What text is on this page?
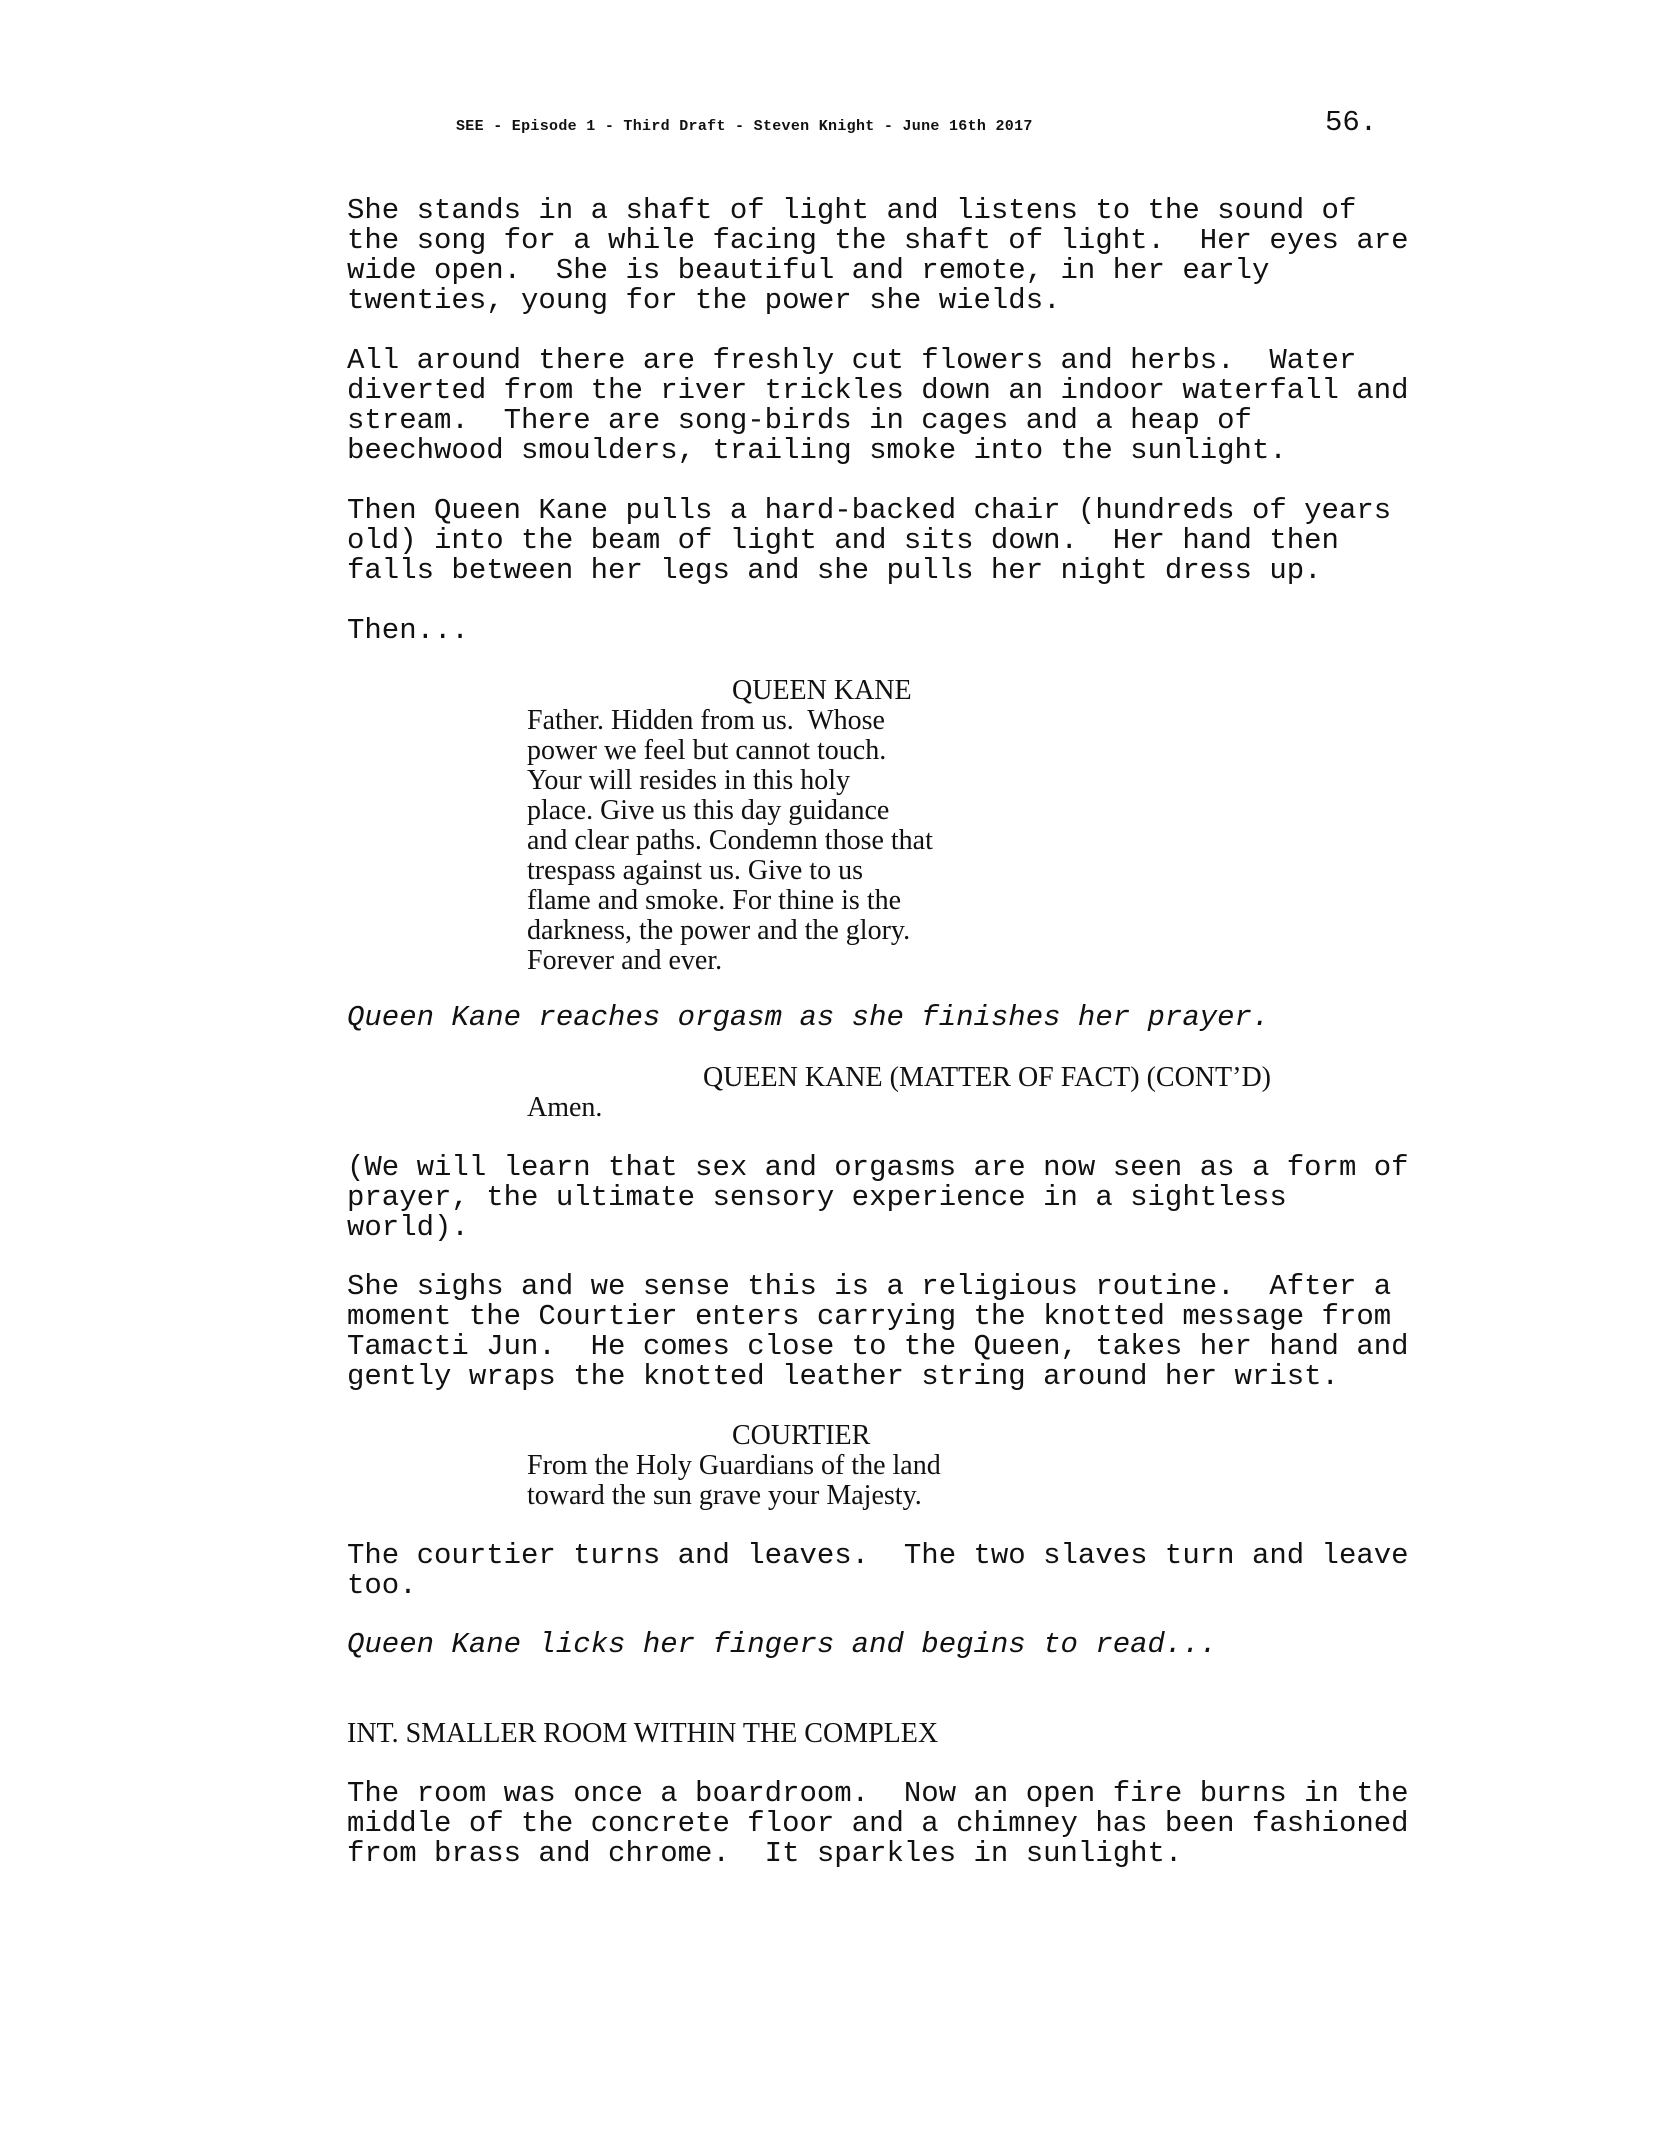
SEE - Episode 1 - Third Draft - Steven Knight - June 16th 2017	56.

She stands in a shaft of light and listens to the sound of
the song for a while facing the shaft of light.  Her eyes are
wide open.  She is beautiful and remote, in her early
twenties, young for the power she wields.

All around there are freshly cut flowers and herbs.  Water
diverted from the river trickles down an indoor waterfall and
stream.  There are song-birds in cages and a heap of
beechwood smoulders, trailing smoke into the sunlight.

Then Queen Kane pulls a hard-backed chair (hundreds of years
old) into the beam of light and sits down.  Her hand then
falls between her legs and she pulls her night dress up.

Then...

QUEEN KANE

Father. Hidden from us.  Whose
power we feel but cannot touch.
Your will resides in this holy
place. Give us this day guidance
and clear paths. Condemn those that
trespass against us. Give to us
flame and smoke. For thine is the
darkness, the power and the glory.
Forever and ever.

Queen Kane reaches orgasm as she finishes her prayer.

QUEEN KANE (MATTER OF FACT) (CONT’D)

Amen.

(We will learn that sex and orgasms are now seen as a form of
prayer, the ultimate sensory experience in a sightless
world).

She sighs and we sense this is a religious routine.  After a
moment the Courtier enters carrying the knotted message from
Tamacti Jun.  He comes close to the Queen, takes her hand and
gently wraps the knotted leather string around her wrist.

COURTIER

From the Holy Guardians of the land
toward the sun grave your Majesty.

The courtier turns and leaves.  The two slaves turn and leave
too.

Queen Kane licks her fingers and begins to read...

INT. SMALLER ROOM WITHIN THE COMPLEX

The room was once a boardroom.  Now an open fire burns in the
middle of the concrete floor and a chimney has been fashioned
from brass and chrome.  It sparkles in sunlight.
